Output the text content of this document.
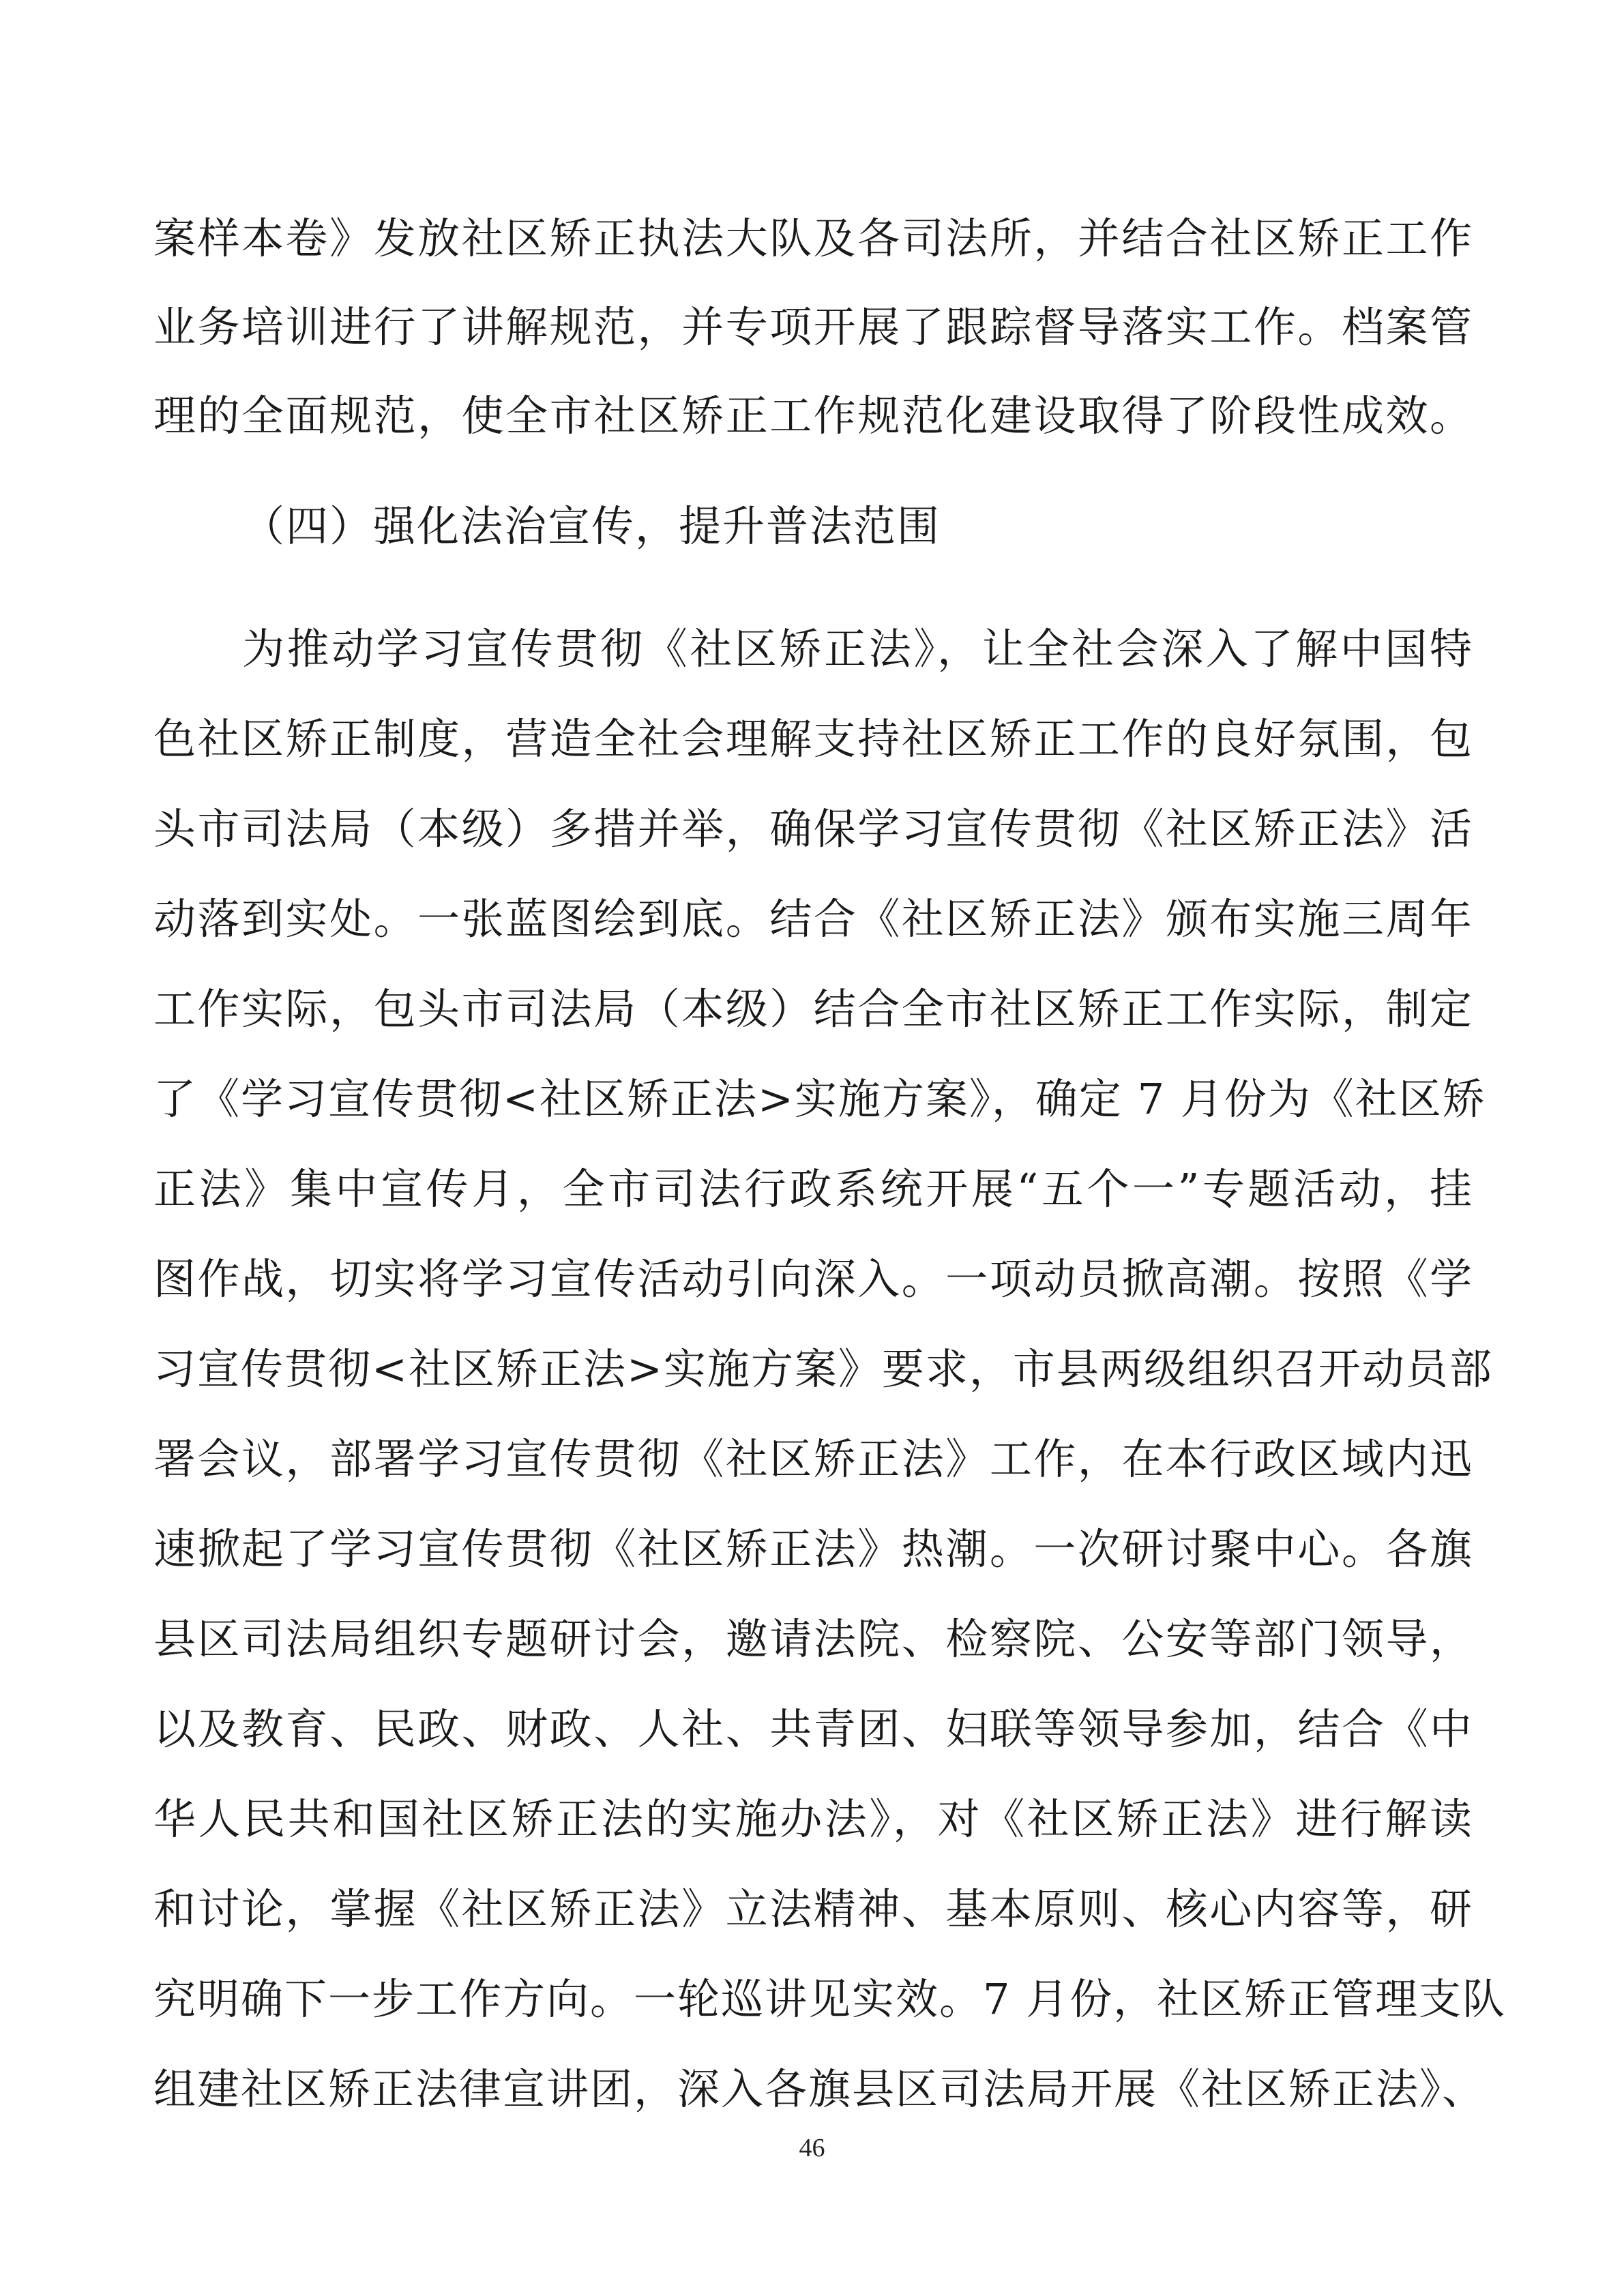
案样本卷》发放社区矫正执法大队及各司法所，并结合社区矫正工作
业务培训进行了讲解规范，并专项开展了跟踪督导落实工作。档案管
理的全面规范，使全市社区矫正工作规范化建设取得了阶段性成效。
（四）强化法治宣传，提升普法范围
为推动学习宣传贯彻《社区矫正法》，让全社会深入了解中国特
色社区矫正制度，营造全社会理解支持社区矫正工作的良好氛围，包
头市司法局（本级）多措并举，确保学习宣传贯彻《社区矫正法》活
动落到实处。一张蓝图绘到底。结合《社区矫正法》颁布实施三周年
工作实际，包头市司法局（本级）结合全市社区矫正工作实际，制定
了《学习宣传贯彻<社区矫正法>实施方案》，确定 7 月份为《社区矫
正法》集中宣传月，全市司法行政系统开展“五个一”专题活动，挂
图作战，切实将学习宣传活动引向深入。一项动员掀高潮。按照《学
习宣传贯彻<社区矫正法>实施方案》要求，市县两级组织召开动员部
署会议，部署学习宣传贯彻《社区矫正法》工作，在本行政区域内迅
速掀起了学习宣传贯彻《社区矫正法》热潮。一次研讨聚中心。各旗
县区司法局组织专题研讨会，邀请法院、检察院、公安等部门领导，
以及教育、民政、财政、人社、共青团、妇联等领导参加，结合《中
华人民共和国社区矫正法的实施办法》，对《社区矫正法》进行解读
和讨论，掌握《社区矫正法》立法精神、基本原则、核心内容等，研
究明确下一步工作方向。一轮巡讲见实效。7 月份，社区矫正管理支队
组建社区矫正法律宣讲团，深入各旗县区司法局开展《社区矫正法》、
46
